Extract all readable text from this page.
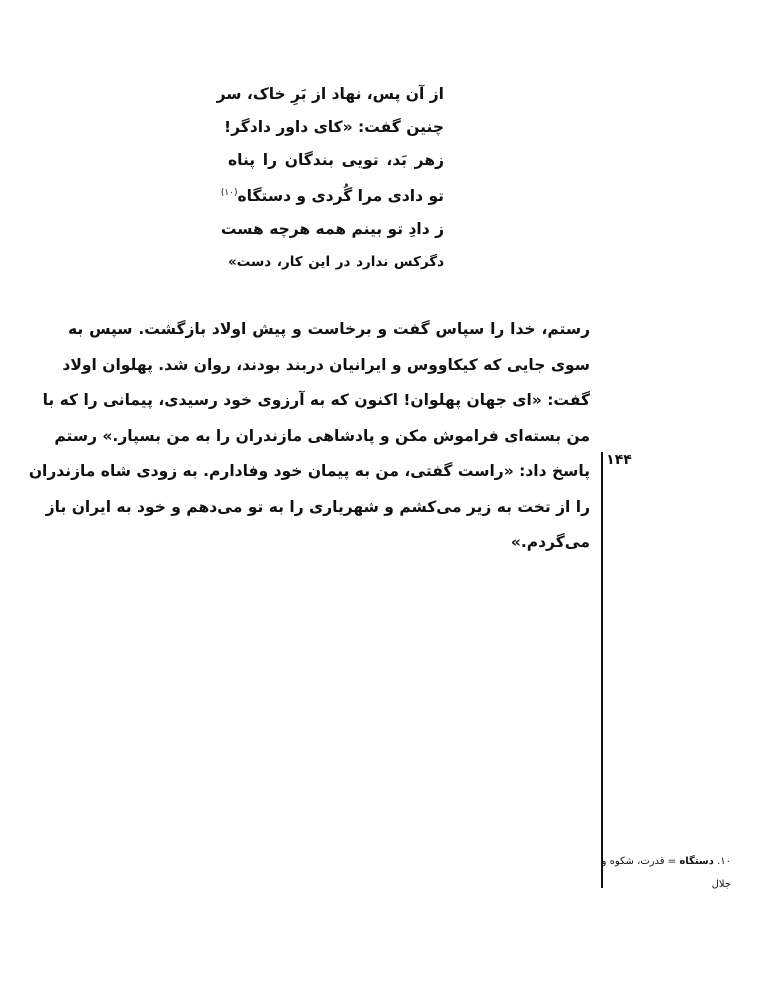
از آن پس، نهاد از بَرِ خاک، سر
چنین گفت: «کای داور دادگر!
زهر بَد، تویی بندگان را پناه
تو دادی مرا گُردی و دستگاه$^{(۱۰)}$
ز دادِ تو بینم همه هرچه هست
دگرکس ندارد در این کار، دست»
رستم، خدا را سپاس گفت و برخاست و پیش اولاد بازگشت. سپس به
سوی جایی که کیکاووس و ایرانیان دربند بودند، روان شد. پهلوان اولاد
گفت: «ای جهان پهلوان! اکنون که به آرزوی خود رسیدی، پیمانی را که با
من بسته‌ای فراموش مکن و پادشاهی مازندران را به من بسپار.» رستم
پاسخ داد: «راست گفتی، من به پیمان خود وفادارم. به زودی شاه مازندران
را از تخت به زیر می‌کشم و شهریاری را به تو می‌دهم و خود به ایران باز
می‌گردم.»
۱۴۴
۱۰. دستگاه = قدرت، شکوه و
جلال
